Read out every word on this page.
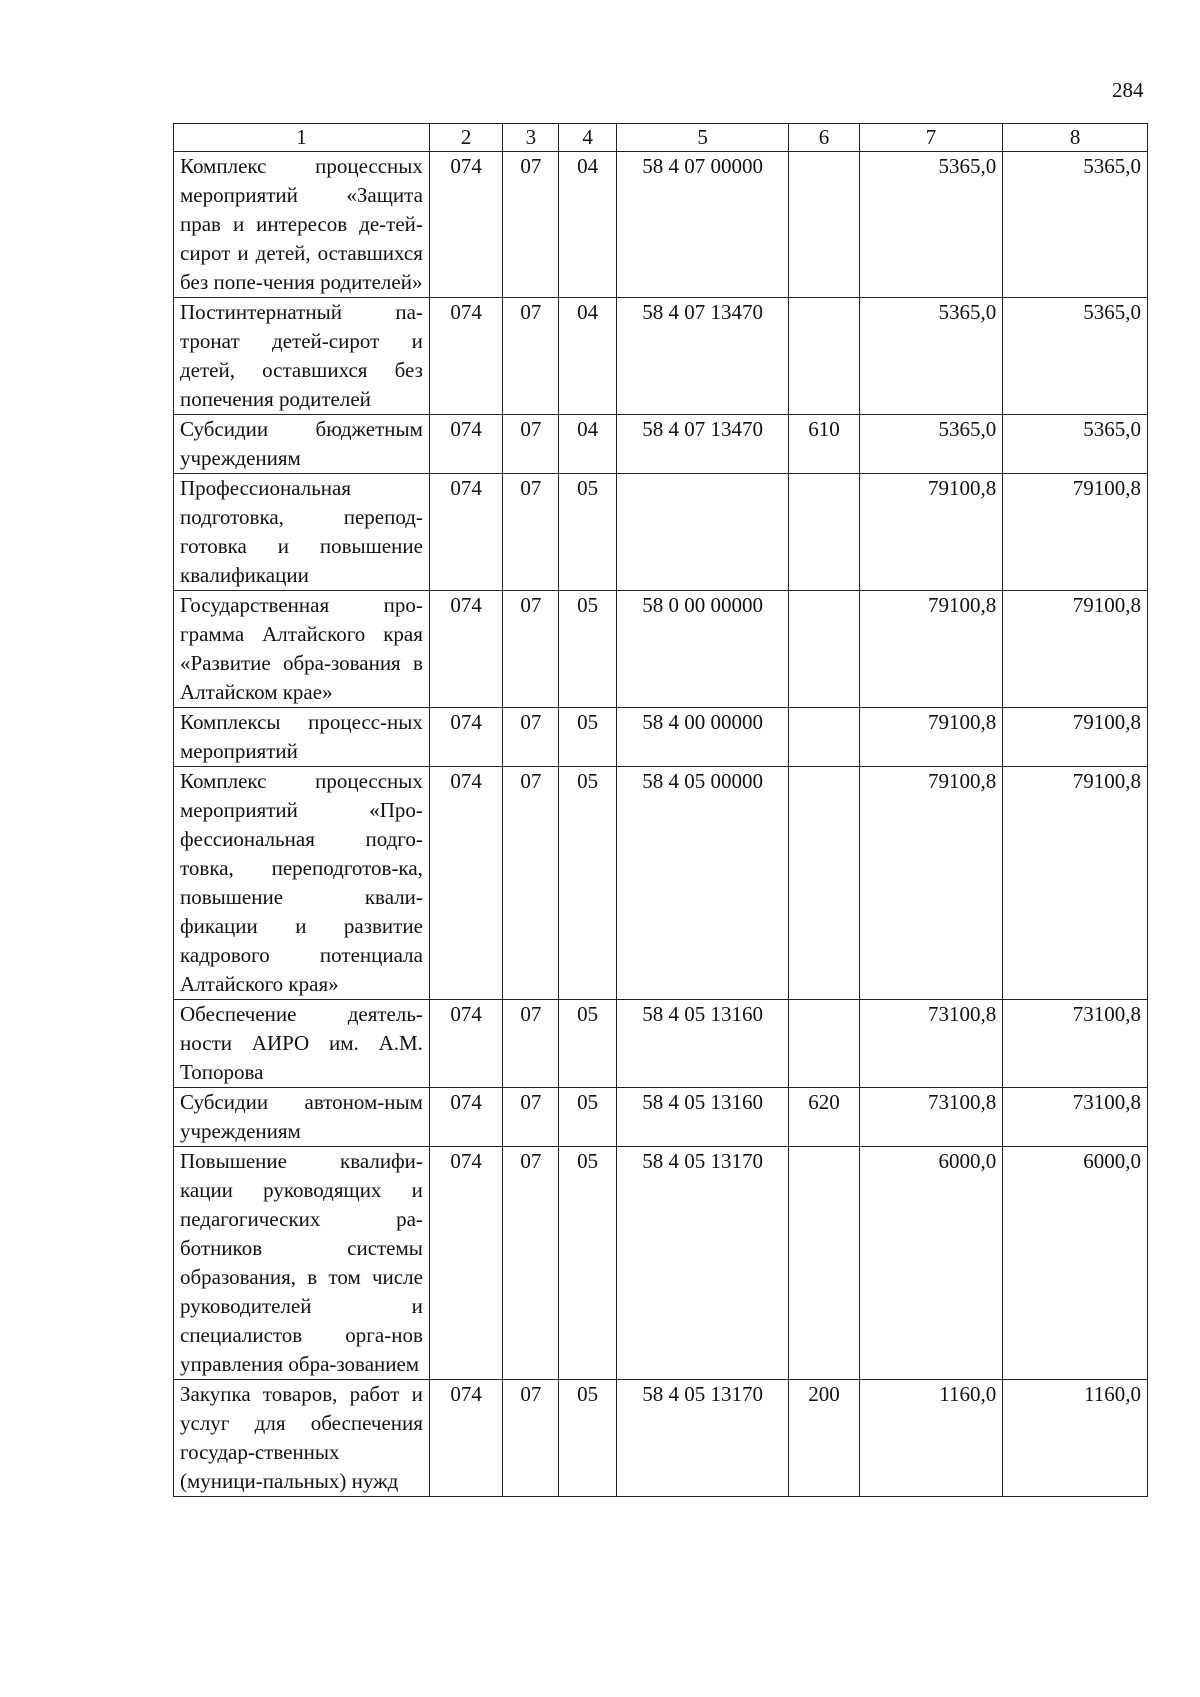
284
1	2	3	4	5	6	7	8
Комплекс процессных мероприятий «Защита прав и интересов де-тей-сирот и детей, оставшихся без попе-чения родителей»	074	07	04	58 4 07 00000		5365,0	5365,0
Постинтернатный па-тронат детей-сирот и детей, оставшихся без попечения родителей	074	07	04	58 4 07 13470		5365,0	5365,0
Субсидии бюджетным учреждениям	074	07	04	58 4 07 13470	610	5365,0	5365,0
Профессиональная подготовка, перепод-готовка и повышение квалификации	074	07	05			79100,8	79100,8
Государственная про-грамма Алтайского края «Развитие обра-зования в Алтайском крае»	074	07	05	58 0 00 00000		79100,8	79100,8
Комплексы процесс-ных мероприятий	074	07	05	58 4 00 00000		79100,8	79100,8
Комплекс процессных мероприятий «Про-фессиональная подго-товка, переподготов-ка, повышение квали-фикации и развитие кадрового потенциала Алтайского края»	074	07	05	58 4 05 00000		79100,8	79100,8
Обеспечение деятель-ности АИРО им. А.М. Топорова	074	07	05	58 4 05 13160		73100,8	73100,8
Субсидии автоном-ным учреждениям	074	07	05	58 4 05 13160	620	73100,8	73100,8
Повышение квалифи-кации руководящих и педагогических ра-ботников системы образования, в том числе руководителей и специалистов орга-нов управления обра-зованием	074	07	05	58 4 05 13170		6000,0	6000,0
Закупка товаров, работ и услуг для обеспечения государ-ственных (муници-пальных) нужд	074	07	05	58 4 05 13170	200	1160,0	1160,0
